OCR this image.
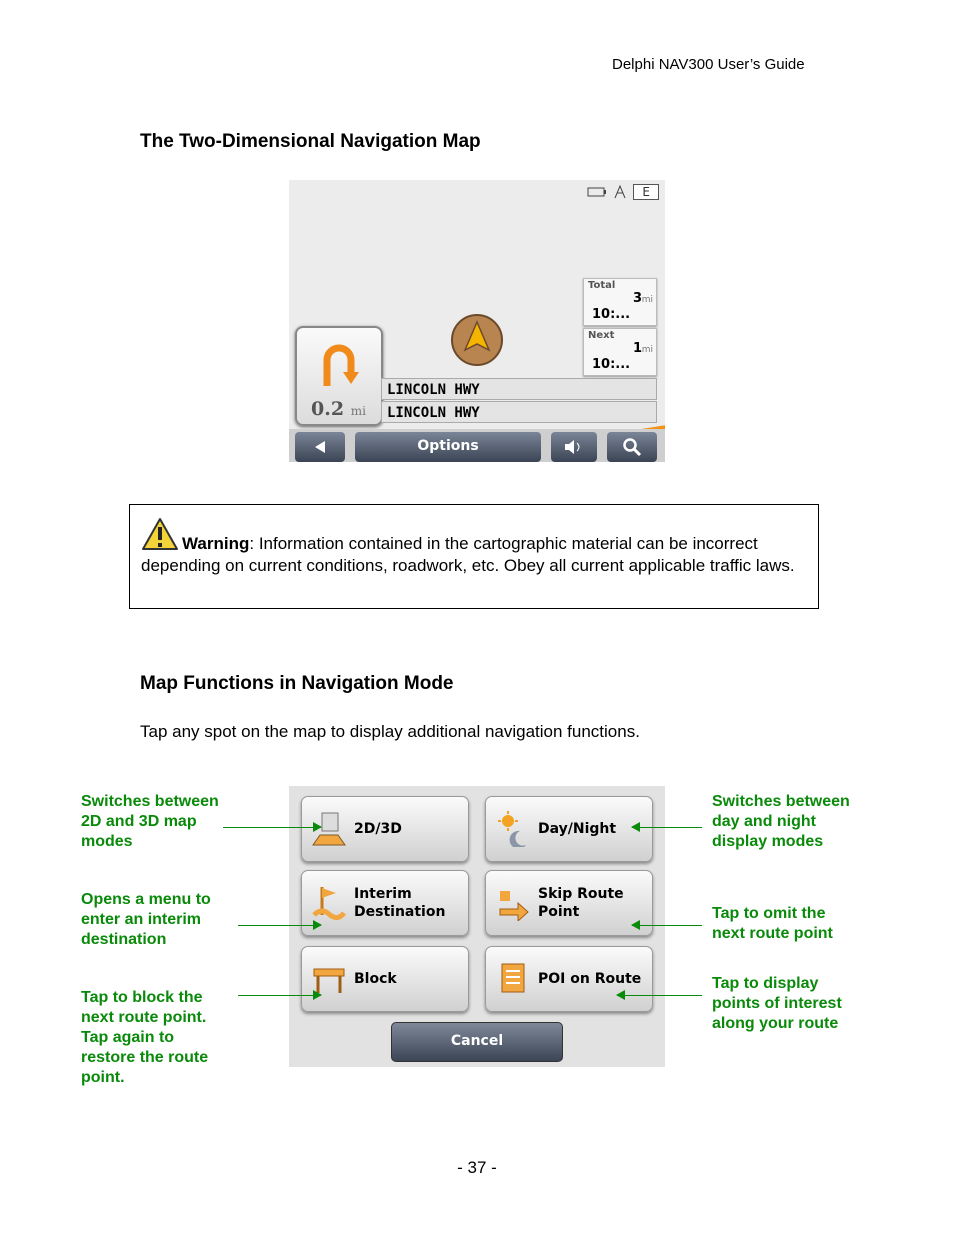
Delphi NAV300 User’s Guide
The Two-Dimensional Navigation Map
E
Total
3 mi
10:...
Next
1 mi
10:...
0.2 mi
LINCOLN HWY
LINCOLN HWY
Options
Warning: Information contained in the cartographic material can be incorrect depending on current conditions, roadwork, etc. Obey all current applicable traffic laws.
Map Functions in Navigation Mode
Tap any spot on the map to display additional navigation functions.
2D/3D	Day/Night
Interim
Destination
Skip Route
Point
Block	POI on Route
Cancel
Switches between
2D and 3D map
modes
Opens a menu to
enter an interim
destination
Tap to block the
next route point.
Tap again to
restore the route
point.
Switches between
day and night
display modes
Tap to omit the
next route point
Tap to display
points of interest
along your route
- 37 -
